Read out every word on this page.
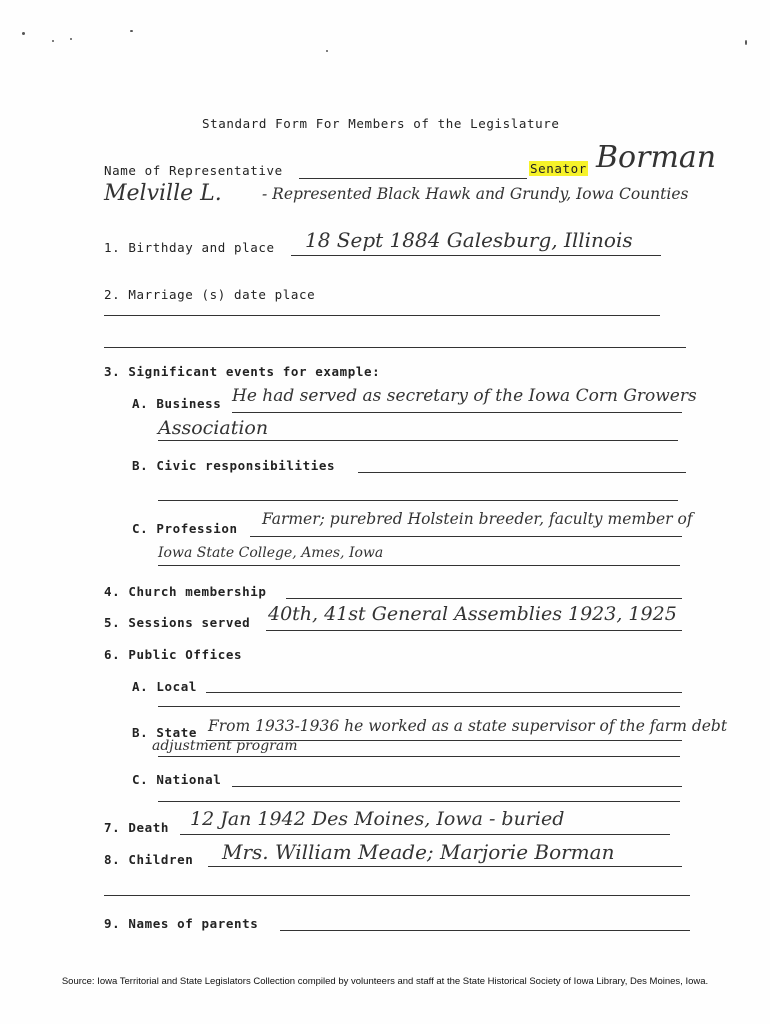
Standard Form For Members of the Legislature
Name of Representative	Senator Borman
Melville L.	- Represented Black Hawk and Grundy, Iowa Counties
1. Birthday and place 18 Sept 1884 Galesburg, Illinois
2. Marriage (s) date place
3. Significant events for example:
A. Business He had served as secretary of the Iowa Corn Growers
Association
B. Civic responsibilities
C. Profession
Farmer; purebred Holstein breeder, faculty member of
Iowa State College, Ames, Iowa
4. Church membership
5. Sessions served 40th, 41st General Assemblies 1923, 1925
6. Public Offices
A. Local
B. State From 1933-1936 he worked as a state supervisor of the farm debt
adjustment program
C. National
7. Death 12 Jan 1942 Des Moines, Iowa - buried
8. Children Mrs. William Meade; Marjorie Borman
9. Names of parents
Source: Iowa Territorial and State Legislators Collection compiled by volunteers and staff at the State Historical Society of Iowa Library, Des Moines, Iowa.
